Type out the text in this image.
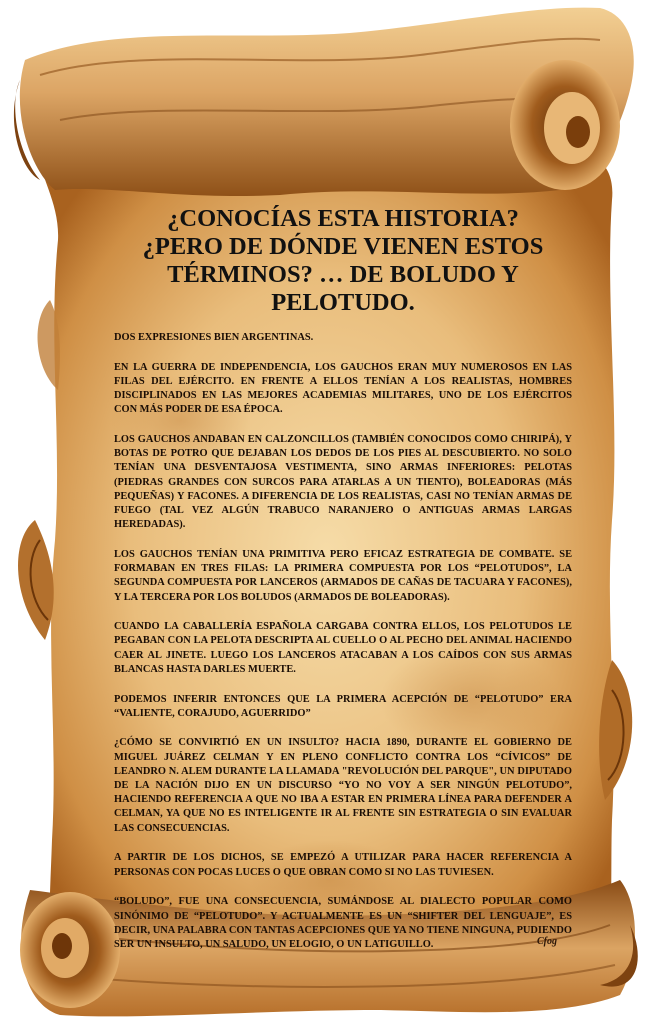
¿CONOCÍAS ESTA HISTORIA?
¿PERO DE DÓNDE VIENEN ESTOS
TÉRMINOS? … DE BOLUDO Y
PELOTUDO.

DOS EXPRESIONES BIEN ARGENTINAS.

EN LA GUERRA DE INDEPENDENCIA, LOS GAUCHOS ERAN MUY NUMEROSOS EN LAS FILAS DEL EJÉRCITO. EN FRENTE A ELLOS TENÍAN A LOS REALISTAS, HOMBRES DISCIPLINADOS EN LAS MEJORES ACADEMIAS MILITARES, UNO DE LOS EJÉRCITOS CON MÁS PODER DE ESA ÉPOCA.

LOS GAUCHOS ANDABAN EN CALZONCILLOS (TAMBIÉN CONOCIDOS COMO CHIRIPÁ), Y BOTAS DE POTRO QUE DEJABAN LOS DEDOS DE LOS PIES AL DESCUBIERTO. NO SOLO TENÍAN UNA DESVENTAJOSA VESTIMENTA, SINO ARMAS INFERIORES: PELOTAS (PIEDRAS GRANDES CON SURCOS PARA ATARLAS A UN TIENTO), BOLEADORAS (MÁS PEQUEÑAS) Y FACONES. A DIFERENCIA DE LOS REALISTAS, CASI NO TENÍAN ARMAS DE FUEGO (TAL VEZ ALGÚN TRABUCO NARANJERO O ANTIGUAS ARMAS LARGAS HEREDADAS).

LOS GAUCHOS TENÍAN UNA PRIMITIVA PERO EFICAZ ESTRATEGIA DE COMBATE. SE FORMABAN EN TRES FILAS: LA PRIMERA COMPUESTA POR LOS “PELOTUDOS”, LA SEGUNDA COMPUESTA POR LANCEROS (ARMADOS DE CAÑAS DE TACUARA Y FACONES), Y LA TERCERA POR LOS BOLUDOS (ARMADOS DE BOLEADORAS).

CUANDO LA CABALLERÍA ESPAÑOLA CARGABA CONTRA ELLOS, LOS PELOTUDOS LE PEGABAN CON LA PELOTA DESCRIPTA AL CUELLO O AL PECHO DEL ANIMAL HACIENDO CAER AL JINETE. LUEGO LOS LANCEROS ATACABAN A LOS CAÍDOS CON SUS ARMAS BLANCAS HASTA DARLES MUERTE.

PODEMOS INFERIR ENTONCES QUE LA PRIMERA ACEPCIÓN DE “PELOTUDO” ERA “VALIENTE, CORAJUDO, AGUERRIDO”

¿CÓMO SE CONVIRTIÓ EN UN INSULTO? HACIA 1890, DURANTE EL GOBIERNO DE MIGUEL JUÁREZ CELMAN Y EN PLENO CONFLICTO CONTRA LOS “CÍVICOS” DE LEANDRO N. ALEM DURANTE LA LLAMADA "REVOLUCIÓN DEL PARQUE", UN DIPUTADO DE LA NACIÓN DIJO EN UN DISCURSO “YO NO VOY A SER NINGÚN PELOTUDO”, HACIENDO REFERENCIA A QUE NO IBA A ESTAR EN PRIMERA LÍNEA PARA DEFENDER A CELMAN, YA QUE NO ES INTELIGENTE IR AL FRENTE SIN ESTRATEGIA O SIN EVALUAR LAS CONSECUENCIAS.

A PARTIR DE LOS DICHOS, SE EMPEZÓ A UTILIZAR PARA HACER REFERENCIA A PERSONAS CON POCAS LUCES O QUE OBRAN COMO SI NO LAS TUVIESEN.

“BOLUDO”, FUE UNA CONSECUENCIA, SUMÁNDOSE AL DIALECTO POPULAR COMO SINÓNIMO DE “PELOTUDO”. Y ACTUALMENTE ES UN “SHIFTER DEL LENGUAJE”, ES DECIR, UNA PALABRA CON TANTAS ACEPCIONES QUE YA NO TIENE NINGUNA, PUDIENDO SER UN INSULTO, UN SALUDO, UN ELOGIO, O UN LATIGUILLO.	Cfog
